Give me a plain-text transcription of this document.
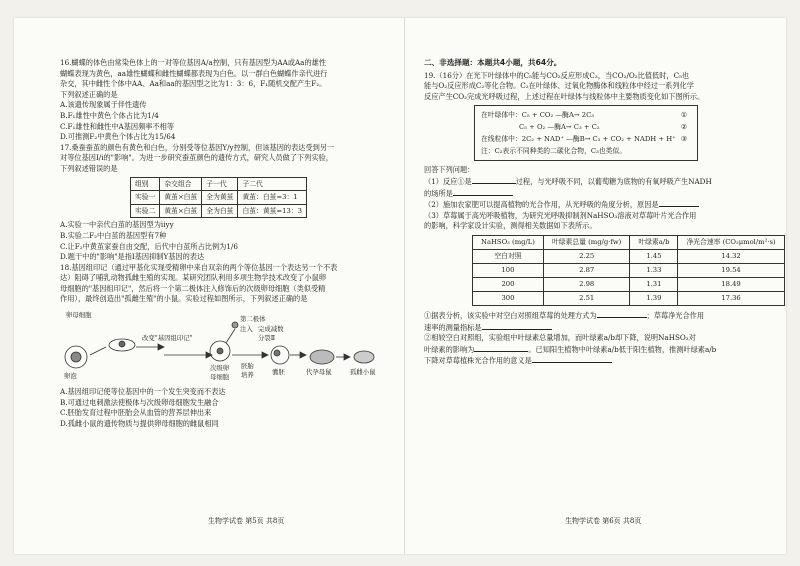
16.蝴蝶的体色由常染色体上的一对等位基因A/a控制，只有基因型为AA或Aa的雄性
蝴蝶表现为黄色，aa雄性蝴蝶和雌性蝴蝶都表现为白色。以一群白色蝴蝶作亲代进行
杂交，其中雌性个体中AA、Aa和aa的基因型之比为1：3：6，F₁随机交配产生F₂。
下列叙述正确的是
A.该遗传现象属于伴性遗传
B.F₁雄性中黄色个体占比为1/4
C.F₁雄性和雌性中A基因频率不相等
D.可推测F₂中黄色个体占比为15/64
17.桑蚕蚕茧的颜色有黄色和白色，分别受等位基因Y/y控制，但该基因的表达受到另一
对等位基因I/i的"影响"。为进一步研究蚕茧颜色的遗传方式，研究人员做了下列实验，
下列叙述错误的是
组别	杂交组合	子一代	子二代
实验一	黄茧×白茧	全为黄茧	黄茧：白茧=3：1
实验二	黄茧×白茧	全为白茧	白茧：黄茧=13：3
A.实验一中亲代白茧的基因型为iiyy
B.实验二F₂中白茧的基因型有7种
C.让F₂中黄茧家蚕自由交配，后代中白茧所占比例为1/6
D.题干中的"影响"是指I基因抑制Y基因的表达
18.基因组印记（通过甲基化实现受精卵中来自双亲的两个等位基因一个表达另一个不表
达）阻碍了哺乳动物孤雌生殖的实现。某研究团队利用多项生物学技术改变了小鼠卵
母细胞的"基因组印记"，然后将一个第二极体注入修饰后的次级卵母细胞（类似受精
作用），最终创造出"孤雌生殖"的小鼠。实验过程如图所示，下列叙述正确的是
卵母细胞
卵泡
改变"基因组印记"
第二极体
注入 完成减数
分裂Ⅱ
次级卵
母细胞
胚胎
培养	囊胚	代孕母鼠	孤雌小鼠
A.基因组印记使等位基因中的一个发生突变而不表达
B.可通过电刺激法使极体与次级卵母细胞发生融合
C.胚胎发育过程中胚胎会从血管的营养层伸出来
D.孤雌小鼠的遗传物质与提供卵母细胞的雌鼠相同
生物学试卷 第5页 共8页
二、非选择题：本题共4小题，共64分。
19.（16分）在光下叶绿体中的C₅能与CO₂反应形成C₃，当CO₂/O₂比值低时，C₅也
能与O₂反应形成C₂等化合物。C₂在叶绿体、过氧化物酶体和线粒体中经过一系列化学
反应产生CO₂完成光呼吸过程，上述过程在叶绿体与线粒体中主要物质变化如下图所示。
在叶绿体中：C₅ + CO₂ —酶A→ 2C₃	①
C₅ + O₂ —酶A→ C₃ + C₂	②
在线粒体中：2C₂ + NAD⁺ —酶B→ C₃ + CO₂ + NADH + H⁺ ③
注：C₂表示不同种类的二碳化合物，C₃也类似。
回答下列问题：
（1）反应①是	过程，与光呼吸不同，以葡萄糖为底物的有氧呼吸产生NADH
的场所是
（2）施加农家肥可以提高植物的光合作用，从光呼吸的角度分析，原因是
（3）草莓属于高光呼吸植物，为研究光呼吸抑制剂NaHSO₃溶液对草莓叶片光合作用
的影响，科学家设计实验，测得相关数据如下表所示。
NaHSO₃ (mg/L)	叶绿素总量 (mg/g·fw)	叶绿素a/b	净光合速率 (CO₂μmol/m²·s)
空白对照	2.25	1.45	14.32
100	2.87	1.33	19.54
200	2.98	1.31	18.49
300	2.51	1.39	17.36
①据表分析，该实验中对空白对照组草莓的处理方式为	；草莓净光合作用
速率的测量指标是
②相较空白对照组，实验组中叶绿素总量增加，而叶绿素a/b却下降，说明NaHSO₃对
叶绿素的影响为	。已知阳生植物中叶绿素a/b低于阳生植物，推测叶绿素a/b
下降对草莓植株光合作用的意义是
生物学试卷 第6页 共8页
